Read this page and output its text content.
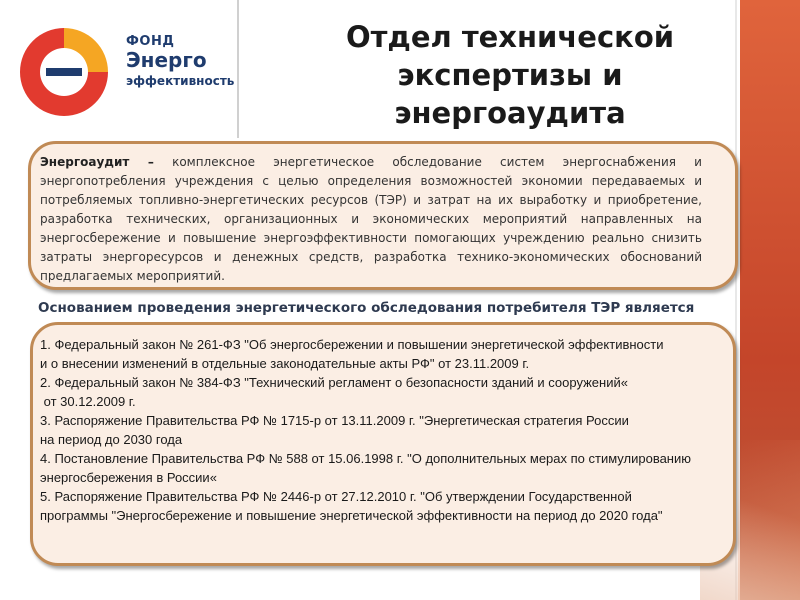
ФОНД
Энерго
эффективность
Отдел технической экспертизы и энергоаудита
Энергоаудит – комплексное энергетическое обследование систем энергоснабжения и энергопотребления учреждения с целью определения возможностей экономии передаваемых и потребляемых топливно-энергетических ресурсов (ТЭР) и затрат на их выработку и приобретение, разработка технических, организационных и экономических мероприятий направленных на энергосбережение и повышение энергоэффективности помогающих учреждению реально снизить затраты энергоресурсов и денежных средств, разработка технико-экономических обоснований предлагаемых мероприятий.
Основанием проведения энергетического обследования потребителя ТЭР является
1. Федеральный закон № 261-ФЗ "Об энергосбережении и повышении энергетической эффективности
и о внесении изменений в отдельные законодательные акты РФ" от 23.11.2009 г.
2. Федеральный закон № 384-ФЗ "Технический регламент о безопасности зданий и сооружений«
от 30.12.2009 г.
3. Распоряжение Правительства РФ № 1715-р от 13.11.2009 г. "Энергетическая стратегия России
на период до 2030 года
4. Постановление Правительства РФ № 588 от 15.06.1998 г. "О дополнительных мерах по стимулированию  энергосбережения в России«
5. Распоряжение Правительства РФ № 2446-р от 27.12.2010 г. "Об утверждении Государственной
программы "Энергосбережение и повышение энергетической эффективности на период до 2020 года"
